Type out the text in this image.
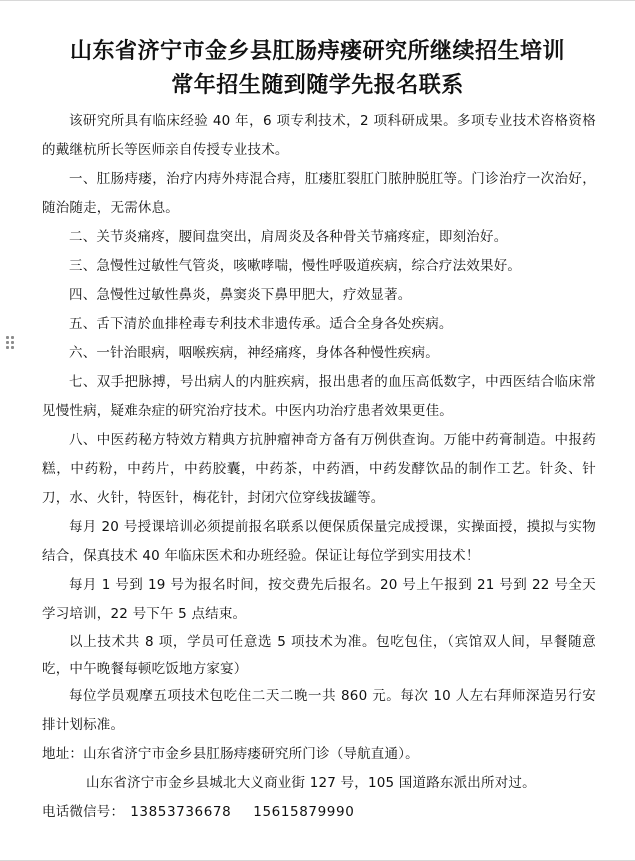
山东省济宁市金乡县肛肠痔瘘研究所继续招生培训
常年招生随到随学先报名联系

该研究所具有临床经验 40 年，6 项专利技术，2 项科研成果。多项专业技术咨格资格的戴继杭所长等医师亲自传授专业技术。

一、肛肠痔瘘，治疗内痔外痔混合痔，肛瘘肛裂肛门脓肿脱肛等。门诊治疗一次治好，随治随走，无需休息。

二、关节炎痛疼，腰间盘突出，肩周炎及各种骨关节痛疼症，即刻治好。

三、急慢性过敏性气管炎，咳嗽哮喘，慢性呼吸道疾病，综合疗法效果好。

四、急慢性过敏性鼻炎，鼻窦炎下鼻甲肥大，疗效显著。

五、舌下清於血排栓毒专利技术非遗传承。适合全身各处疾病。

六、一针治眼病，咽喉疾病，神经痛疼，身体各种慢性疾病。

七、双手把脉搏，号出病人的内脏疾病，报出患者的血压高低数字，中西医结合临床常见慢性病，疑难杂症的研究治疗技术。中医内功治疗患者效果更佳。

八、中医药秘方特效方精典方抗肿瘤神奇方备有万例供查询。万能中药膏制造。中报药糕，中药粉，中药片，中药胶囊，中药茶，中药酒，中药发酵饮品的制作工艺。针灸、针刀，水、火针，特医针，梅花针，封闭穴位穿线拔罐等。

每月 20 号授课培训必须提前报名联系以便保质保量完成授课，实操面授，摸拟与实物结合，保真技术 40 年临床医术和办班经验。保证让每位学到实用技术！

每月 1 号到 19 号为报名时间，按交费先后报名。20 号上午报到 21 号到 22 号全天学习培训，22 号下午 5 点结束。

以上技术共 8 项，学员可任意选 5 项技术为准。包吃包住，（宾馆双人间，早餐随意吃，中午晚餐每顿吃饭地方家宴）

每位学员观摩五项技术包吃住二天二晚一共 860 元。每次 10 人左右拜师深造另行安排计划标准。

地址：山东省济宁市金乡县肛肠痔瘘研究所门诊（导航直通）。

山东省济宁市金乡县城北大义商业街 127 号，105 国道路东派出所对过。

电话微信号： 13853736678 15615879990
